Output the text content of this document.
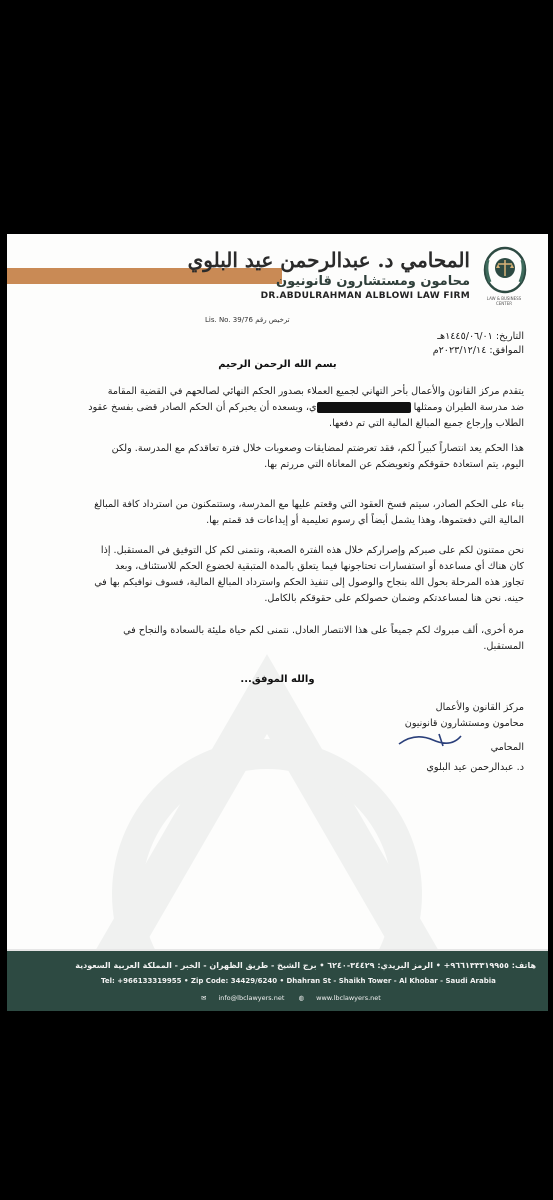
المحامي د. عبدالرحمن عيد البلوي
محامون ومستشارون قانونيون
DR.ABDULRAHMAN ALBLOWI LAW FIRM	LAW & BUSINESS CENTER
Lis. No. 39/76 ترخيص رقم
التاريخ: ١٤٤٥/٠٦/٠١هـ
الموافق: ٢٠٢٣/١٢/١٤م
بسم الله الرحمن الرحيم
يتقدم مركز القانون والأعمال بأحر التهاني لجميع العملاء بصدور الحكم النهائي لصالحهم في القضية المقامة
ضد مدرسة الطيران وممثلها ي، ويسعده أن يخبركم أن الحكم الصادر قضى بفسخ عقود
الطلاب وإرجاع جميع المبالغ المالية التي تم دفعها.
هذا الحكم يعد انتصاراً كبيراً لكم، فقد تعرضتم لمضايقات وصعوبات خلال فترة تعاقدكم مع المدرسة. ولكن
اليوم، يتم استعادة حقوقكم وتعويضكم عن المعاناة التي مررتم بها.
بناء على الحكم الصادر، سيتم فسخ العقود التي وقعتم عليها مع المدرسة، وستتمكنون من استرداد كافة المبالغ
المالية التي دفعتموها، وهذا يشمل أيضاً أي رسوم تعليمية أو إيداعات قد قمتم بها.
نحن ممتنون لكم على صبركم وإصراركم خلال هذه الفترة الصعبة، ونتمنى لكم كل التوفيق في المستقبل. إذا
كان هناك أي مساعدة أو استفسارات تحتاجونها فيما يتعلق بالمدة المتبقية لخضوع الحكم للاستئناف، وبعد
تجاوز هذه المرحلة بحول الله بنجاح والوصول إلى تنفيذ الحكم واسترداد المبالغ المالية، فسوف نوافيكم بها في
حينه. نحن هنا لمساعدتكم وضمان حصولكم على حقوقكم بالكامل.
مرة أخرى، ألف مبروك لكم جميعاً على هذا الانتصار العادل. نتمنى لكم حياة مليئة بالسعادة والنجاح في
المستقبل.
والله الموفق...
مركز القانون والأعمال
محامون ومستشارون قانونيون
المحامي
د. عبدالرحمن عيد البلوي
هاتف: ٩٦٦١٣٣٣١٩٩٥٥+ • الرمز البريدي: ٣٤٤٢٩-٦٢٤٠ • برج الشيخ - طريق الظهران - الخبر - المملكة العربية السعودية
Tel: +966133319955 • Zip Code: 34429/6240 • Dhahran St - Shaikh Tower - Al Khobar - Saudi Arabia
✉ info@lbclawyers.net ◍ www.lbclawyers.net
